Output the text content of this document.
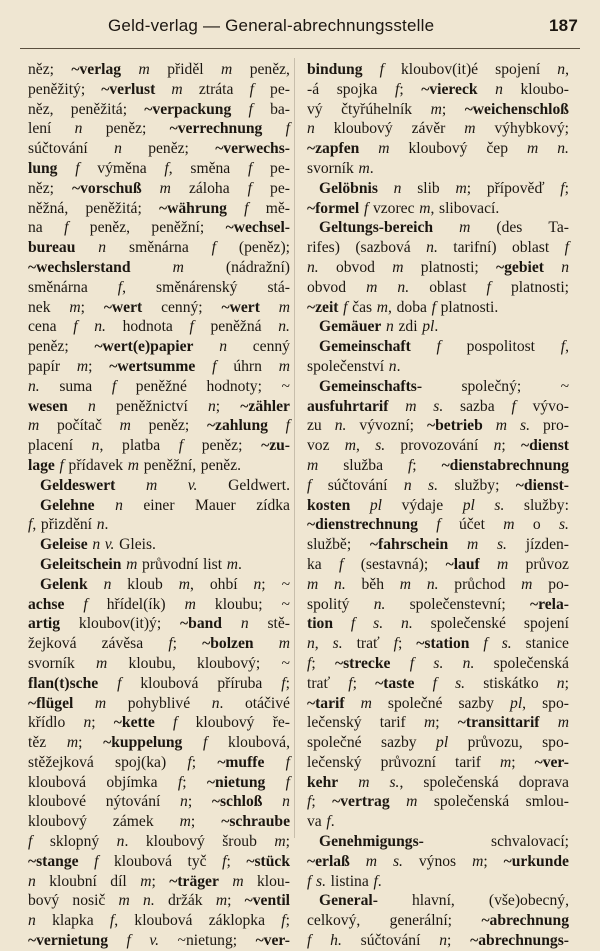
Geld-verlag — General-abrechnungsstelle	187
něz; ~verlag m přiděl m peněz,
peněžitý; ~verlust m ztráta f pe-
něz, peněžitá; ~verpackung f ba-
lení n peněz; ~verrechnung f
súčtování n peněz; ~verwechs-
lung f výměna f, směna f pe-
něz; ~vorschuß m záloha f pe-
něžná, peněžitá; ~währung f mě-
na f peněz, peněžní; ~wechsel-
bureau n směnárna f (peněz);
~wechslerstand	m	(nádražní)
směnárna f, směnárenský stá-
nek m; ~wert cenný; ~wert m
cena f n. hodnota f peněžná n.
peněz; ~wert(e)papier n cenný
papír m; ~wertsumme f úhrn m
n. suma f peněžné hodnoty; ~
wesen n peněžnictví n; ~zähler
m počítač m peněz; ~zahlung f
placení n, platba f peněz; ~zu-
lage f přídavek m peněžní, peněz.
Geldeswert m v. Geldwert.
Gelehne n einer Mauer zídka
f, přizdění n.
Geleise n v. Gleis.
Geleitschein m průvodní list m.
Gelenk n kloub m, ohbí n; ~
achse f hřídel(ík) m kloubu; ~
artig kloubov(it)ý; ~band n stě-
žejková závěsa f; ~bolzen m
svorník m kloubu, kloubový; ~
flan(t)sche f kloubová příruba f;
~flügel m pohyblivé n. otáčivé
křídlo n; ~kette f kloubový ře-
těz m; ~kuppelung f kloubová,
stěžejková spoj(ka) f; ~muffe f
kloubová objímka f; ~nietung f
kloubové nýtování n; ~schloß n
kloubový zámek m; ~schraube
f sklopný n. kloubový šroub m;
~stange f kloubová tyč f; ~stück
n kloubní díl m; ~träger m klou-
bový nosič m n. držák m; ~ventil
n klapka f, kloubová záklopka f;
~vernietung f v. ~nietung; ~ver-
bindung f kloubov(it)é spojení n,
-á spojka f; ~viereck n kloubo-
vý čtyřúhelník m; ~weichenschloß
n kloubový závěr m výhybkový;
~zapfen m kloubový čep m n.
svorník m.
Gelöbnis n slib m; přípověď f;
~formel f vzorec m, slibovací.
Geltungs-bereich m (des Ta-
rifes) (sazbová n. tarifní) oblast f
n. obvod m platnosti; ~gebiet n
obvod m n. oblast f platnosti;
~zeit f čas m, doba f platnosti.
Gemäuer n zdi pl.
Gemeinschaft f pospolitost f,
společenství n.
Gemeinschafts-	společný;	~
ausfuhrtarif m s. sazba f vývo-
zu n. vývozní; ~betrieb m s. pro-
voz m, s. provozování n; ~dienst
m služba f; ~dienstabrechnung
f súčtování n s. služby; ~dienst-
kosten pl výdaje pl s. služby:
~dienstrechnung f účet m o s.
službě; ~fahrschein m s. jízden-
ka f (sestavná); ~lauf m průvoz
m n. běh m n. průchod m po-
spolitý n. společenstevní; ~rela-
tion f s. n. společenské spojení
n, s. trať f; ~station f s. stanice
f; ~strecke f s. n. společenská
trať f; ~taste f s. stiskátko n;
~tarif m společné sazby pl, spo-
lečenský tarif m; ~transittarif m
společné sazby pl průvozu, spo-
lečenský průvozní tarif m; ~ver-
kehr m s., společenská doprava
f; ~vertrag m společenská smlou-
va f.
Genehmigungs-	schvalovací;
~erlaß m s. výnos m; ~urkunde
f s. listina f.
General- hlavní, (vše)obecný,
celkový, generální; ~abrechnung
f h. súčtování n; ~abrechnungs-
